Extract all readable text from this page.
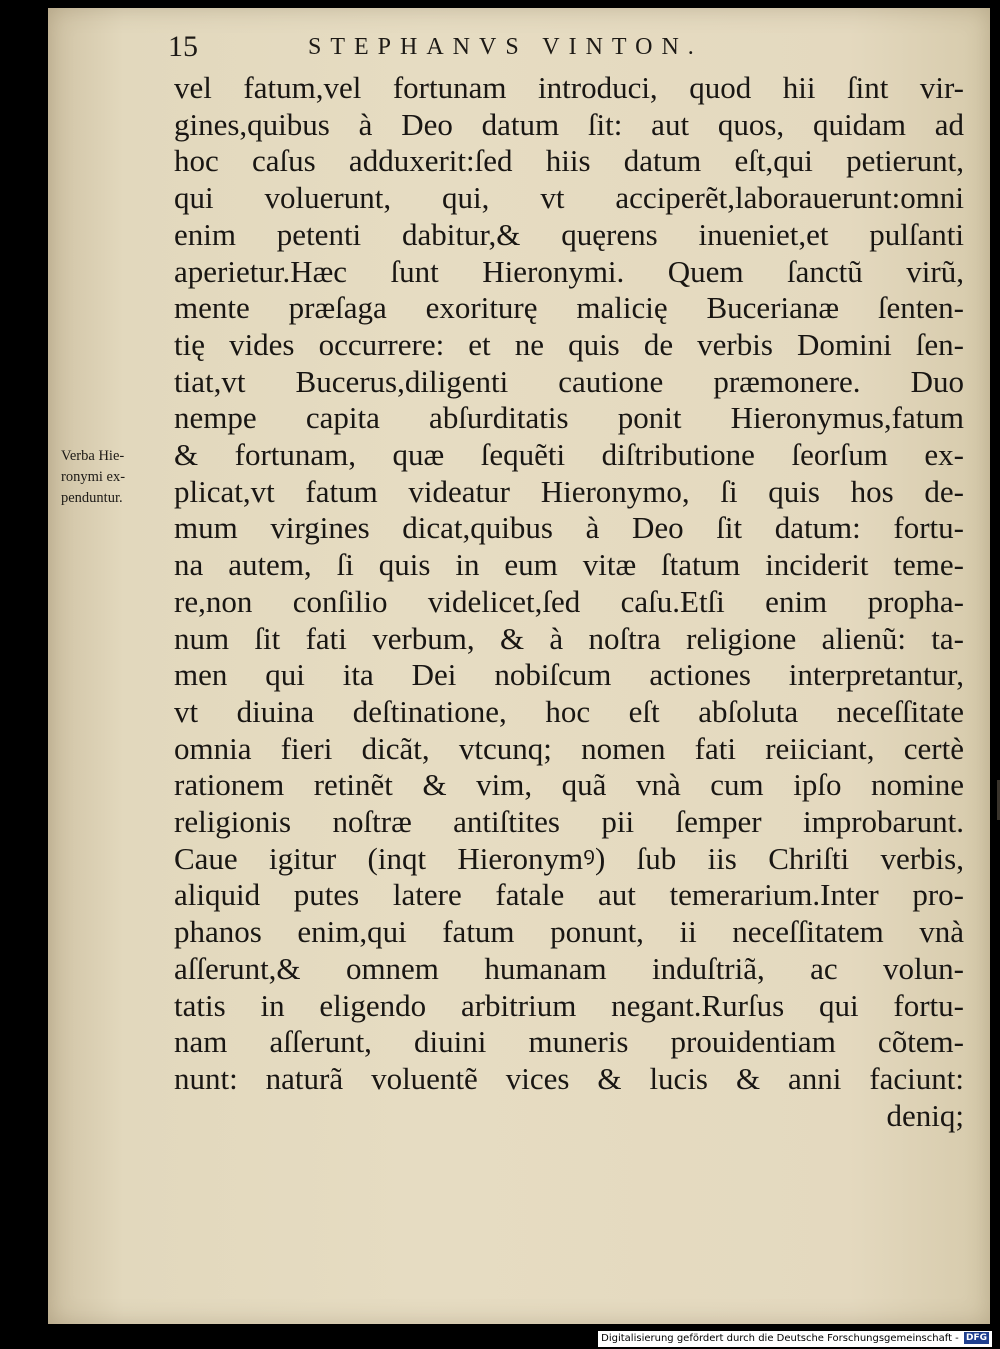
15	STEPHANVS VINTON.
Verba Hie-
ronymi ex-
penduntur.
vel fatum,vel fortunam introduci, quod hii ſint vir-
gines,quibus à Deo datum ſit: aut quos, quidam ad
hoc caſus adduxerit:ſed hiis datum eſt,qui petierunt,
qui voluerunt, qui, vt acciperẽt,laborauerunt:omni
enim petenti dabitur,& quęrens inueniet,et pulſanti
aperietur.Hæc ſunt Hieronymi. Quem ſanctũ virũ,
mente præſaga exoriturę malicię Bucerianæ ſenten-
tię vides occurrere: et ne quis de verbis Domini ſen-
tiat,vt Bucerus,diligenti cautione præmonere. Duo
nempe capita abſurditatis ponit Hieronymus,fatum
& fortunam, quæ ſequẽti diſtributione ſeorſum ex-
plicat,vt fatum videatur Hieronymo, ſi quis hos de-
mum virgines dicat,quibus à Deo ſit datum: fortu-
na autem, ſi quis in eum vitæ ſtatum inciderit teme-
re,non conſilio videlicet,ſed caſu.Etſi enim propha-
num ſit fati verbum, & à noſtra religione alienũ: ta-
men qui ita Dei nobiſcum actiones interpretantur,
vt diuina deſtinatione, hoc eſt abſoluta neceſſitate
omnia fieri dicãt, vtcunq; nomen fati reiiciant, certè
rationem retinẽt & vim, quã vnà cum ipſo nomine
religionis noſtræ antiſtites pii ſemper improbarunt.
Caue igitur (inqt Hieronymꝰ) ſub iis Chriſti verbis,
aliquid putes latere fatale aut temerarium.Inter pro-
phanos enim,qui fatum ponunt, ii neceſſitatem vnà
aſſerunt,& omnem humanam induſtriã, ac volun-
tatis in eligendo arbitrium negant.Rurſus qui fortu-
nam aſſerunt, diuini muneris prouidentiam cõtem-
nunt: naturã voluentẽ vices & lucis & anni faciunt:
deniq;
Digitalisierung gefördert durch die Deutsche Forschungsgemeinschaft - DFG
